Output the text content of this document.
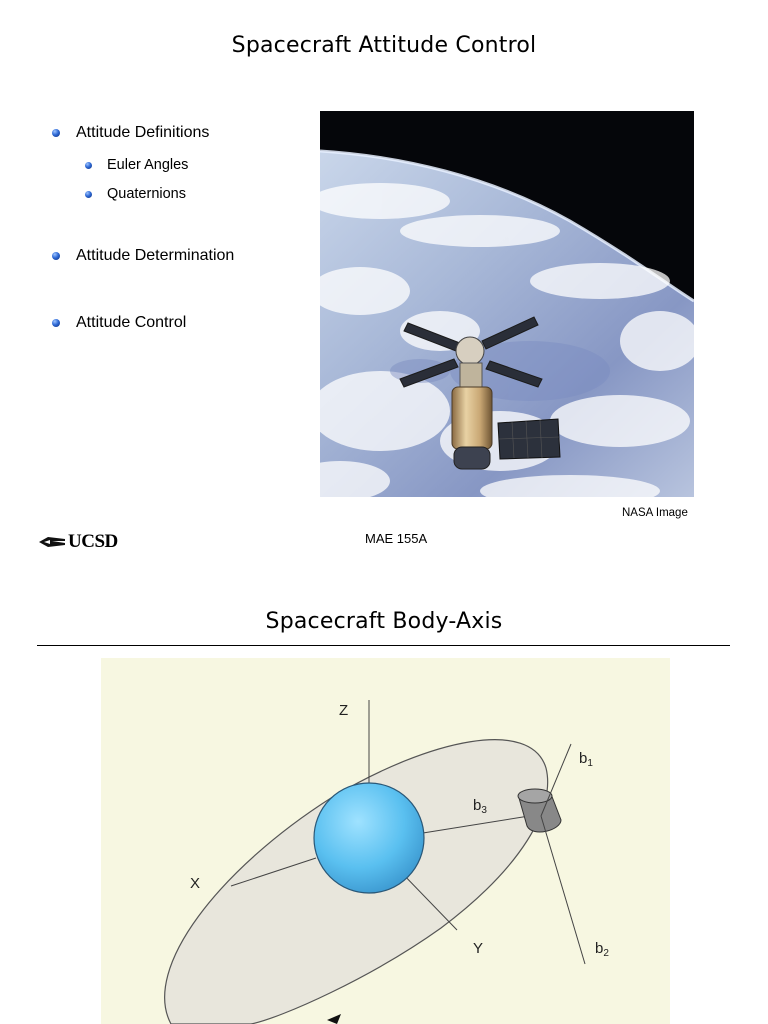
Spacecraft Attitude Control
Attitude Definitions
Euler Angles
Quaternions
Attitude Determination
Attitude Control
NASA Image
UCSD	MAE 155A
Spacecraft Body-Axis
Z
X
Y
$b_1$
$b_3$
$b_2$
